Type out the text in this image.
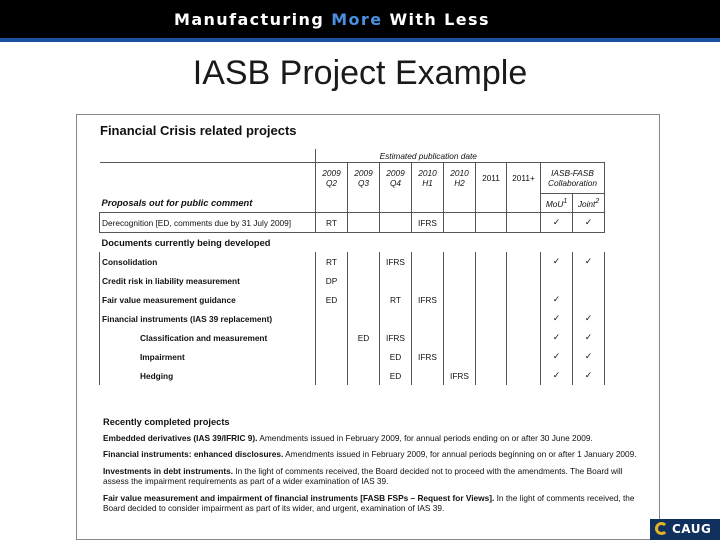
Manufacturing More With Less
IASB Project Example
Financial Crisis related projects
	Estimated publication date								
	2009 Q2	2009 Q3	2009 Q4	2010 H1	2010 H2	2011	2011+	IASB-FASB Collaboration	
Proposals out for public comment								MoU$^1$	Joint$^2$
Derecognition [ED, comments due by 31 July 2009]	RT			IFRS				✓	✓
Documents currently being developed									
Consolidation	RT		IFRS					✓	✓
Credit risk in liability measurement	DP								
Fair value measurement guidance	ED		RT	IFRS				✓	
Financial instruments (IAS 39 replacement)								✓	✓
Classification and measurement		ED	IFRS					✓	✓
Impairment			ED	IFRS				✓	✓
Hedging			ED		IFRS			✓	✓
Recently completed projects

Embedded derivatives (IAS 39/IFRIC 9). Amendments issued in February 2009, for annual periods ending on or after 30 June 2009.

Financial instruments: enhanced disclosures. Amendments issued in February 2009, for annual periods beginning on or after 1 January 2009.

Investments in debt instruments. In the light of comments received, the Board decided not to proceed with the amendments. The Board will assess the impairment requirements as part of a wider examination of IAS 39.

Fair value measurement and impairment of financial instruments [FASB FSPs – Request for Views]. In the light of comments received, the Board decided to consider impairment as part of its wider, and urgent, examination of IAS 39.

CAUG
